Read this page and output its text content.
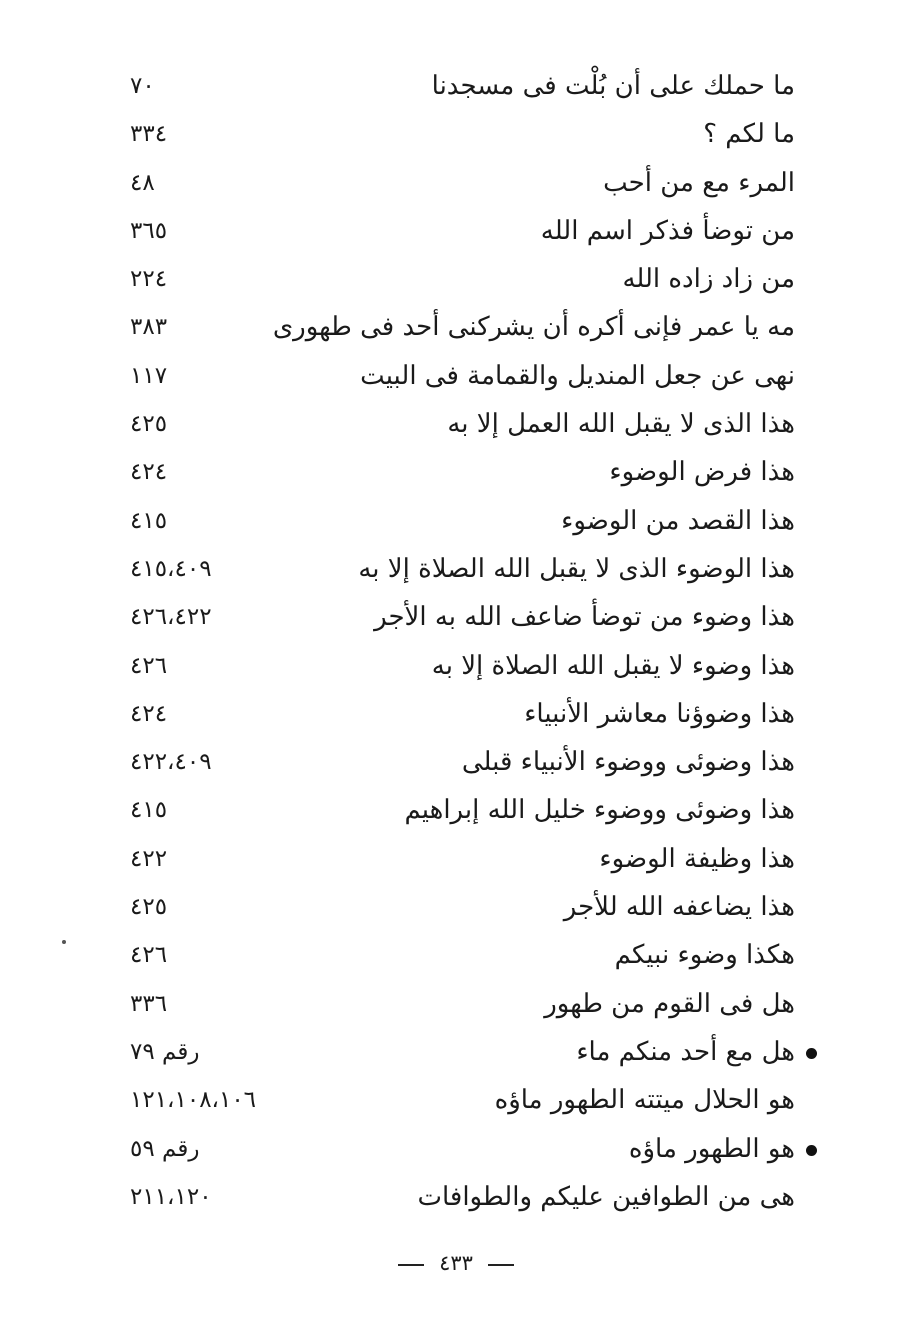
ما حملك على أن بُلْت فى مسجدنا
٧٠
ما لكم ؟
٣٣٤
المرء مع من أحب
٤٨
من توضأ فذكر اسم الله
٣٦٥
من زاد زاده الله
٢٢٤
مه يا عمر فإنى أكره أن يشركنى أحد فى طهورى
٣٨٣
نهى عن جعل المنديل والقمامة فى البيت
١١٧
هذا الذى لا يقبل الله العمل إلا به
٤٢٥
هذا فرض الوضوء
٤٢٤
هذا القصد من الوضوء
٤١٥
هذا الوضوء الذى لا يقبل الله الصلاة إلا به
٤١٥،٤٠٩
هذا وضوء من توضأ ضاعف الله به الأجر
٤٢٦،٤٢٢
هذا وضوء لا يقبل الله الصلاة إلا به
٤٢٦
هذا وضوؤنا معاشر الأنبياء
٤٢٤
هذا وضوئى ووضوء الأنبياء قبلى
٤٢٢،٤٠٩
هذا وضوئى ووضوء خليل الله إبراهيم
٤١٥
هذا وظيفة الوضوء
٤٢٢
هذا يضاعفه الله للأجر
٤٢٥
هكذا وضوء نبيكم
٤٢٦
هل فى القوم من طهور
٣٣٦
هل مع أحد منكم ماء
رقم ٧٩
هو الحلال ميتته الطهور ماؤه
١٢١،١٠٨،١٠٦
هو الطهور ماؤه
رقم ٥٩
هى من الطوافين عليكم والطوافات
٢١١،١٢٠
٤٣٣
